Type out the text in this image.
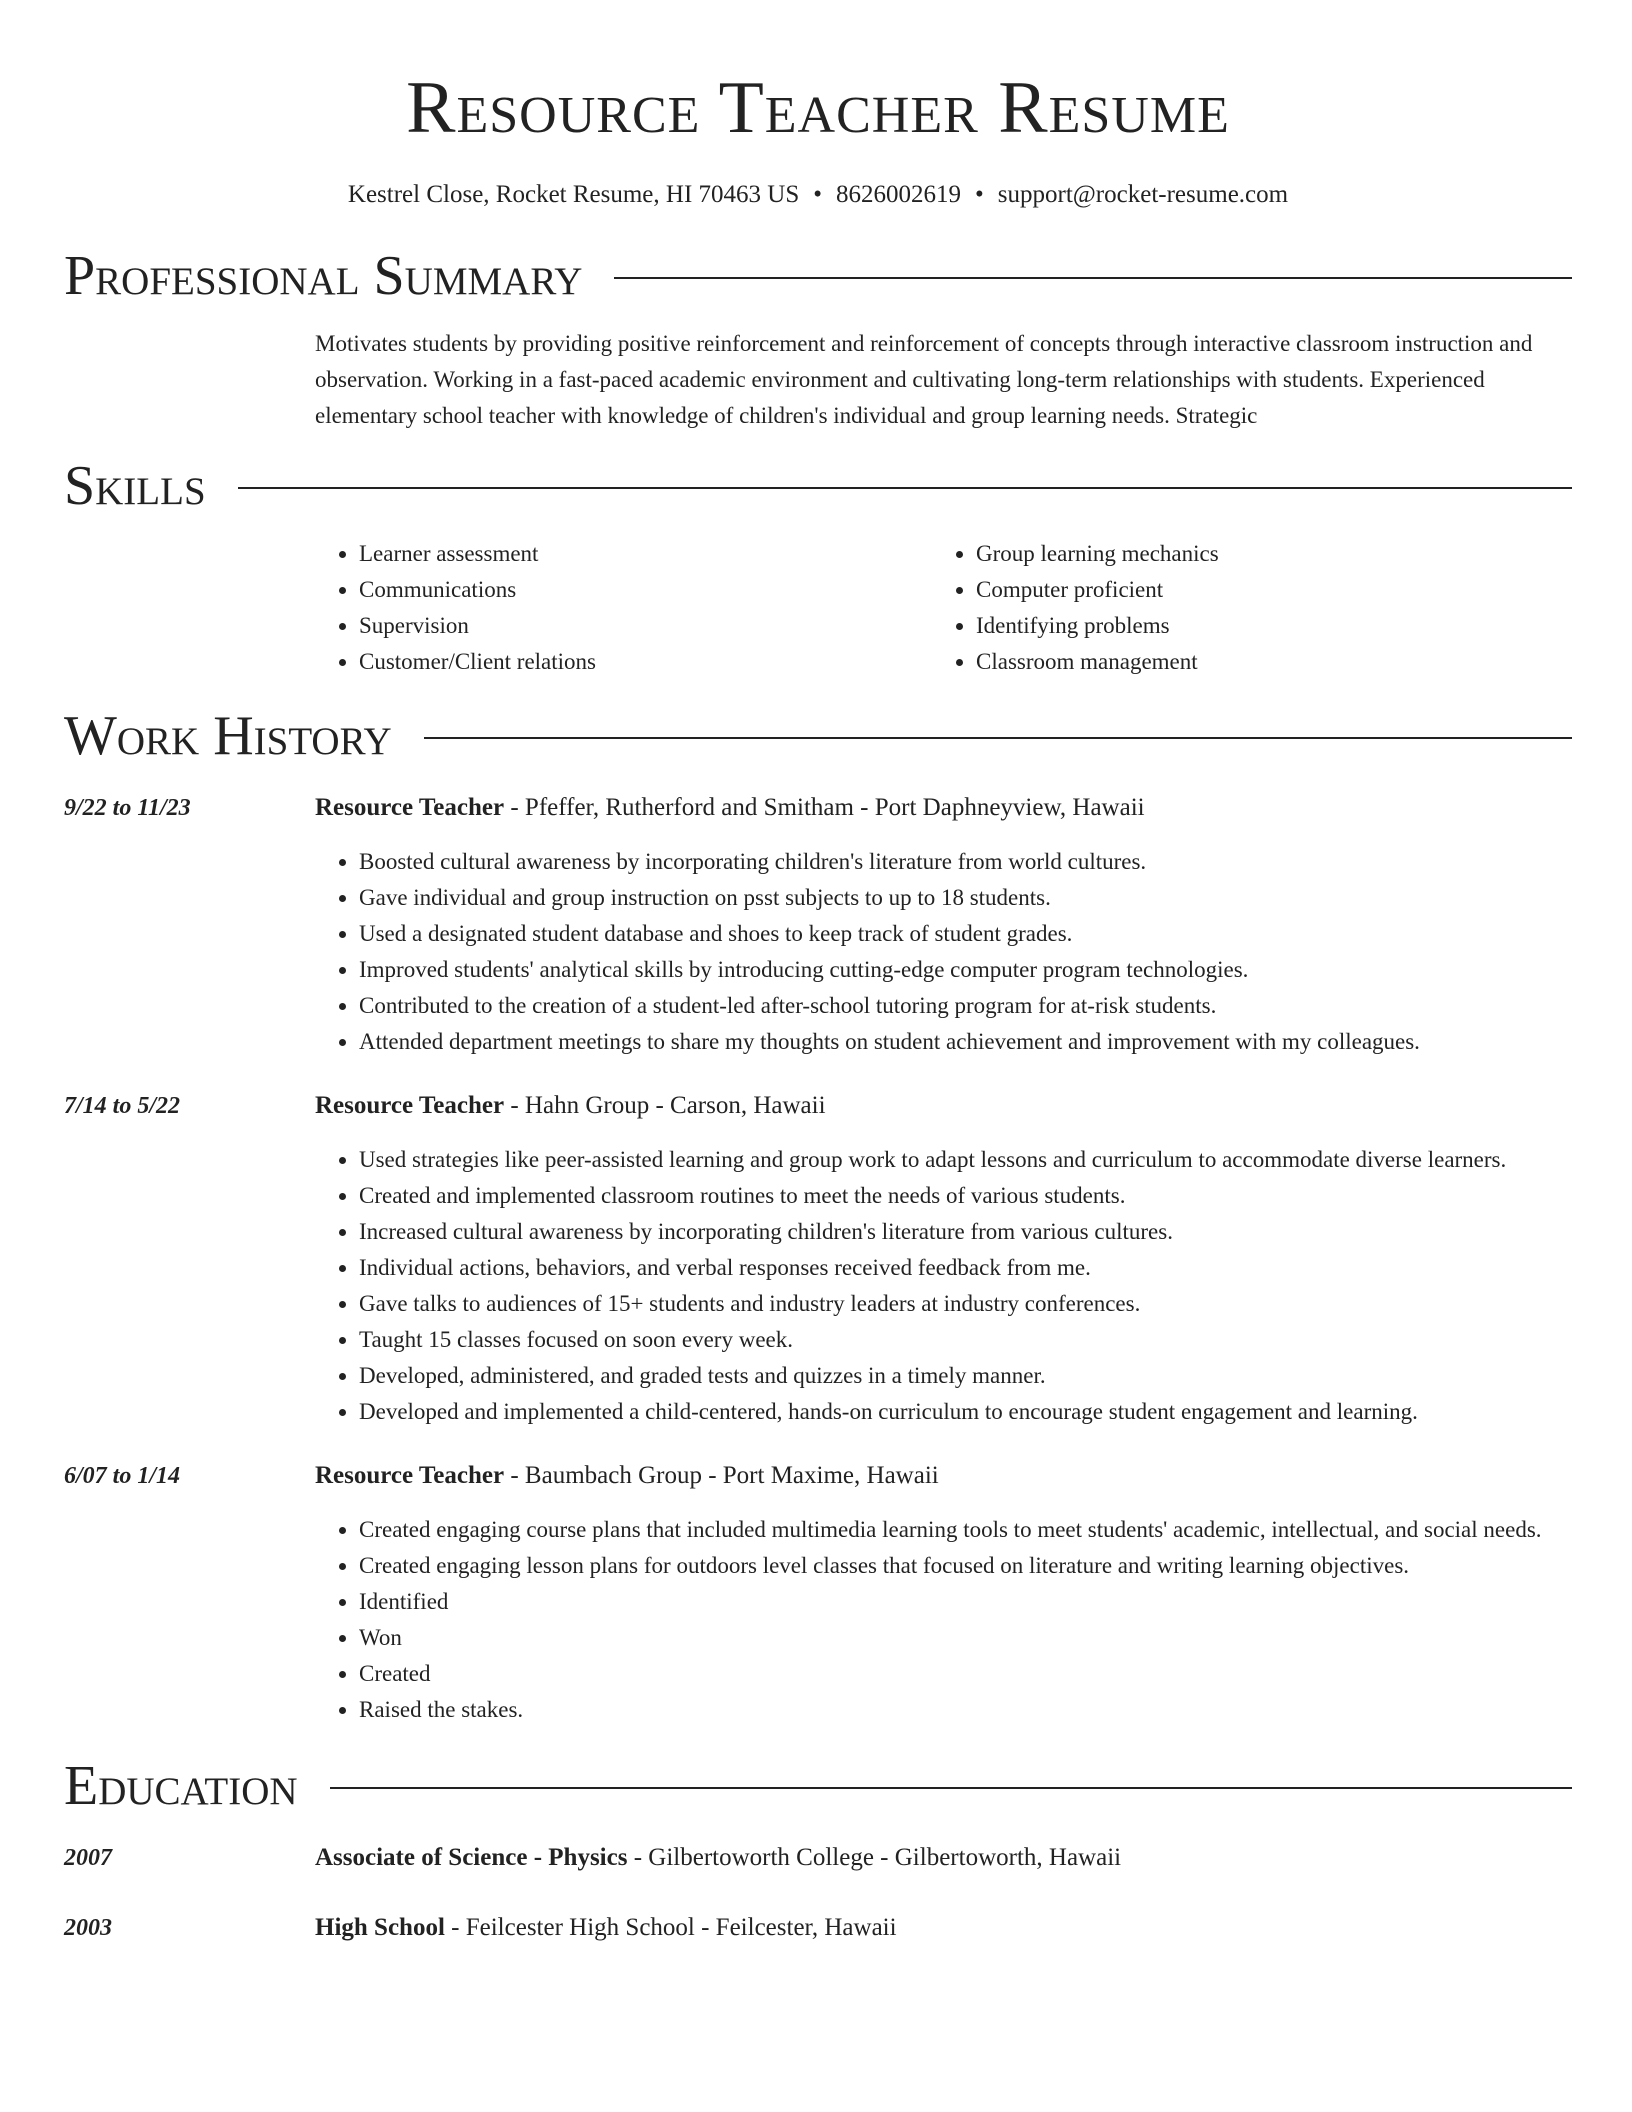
Resource Teacher Resume
Kestrel Close, Rocket Resume, HI 70463 US • 8626002619 • support@rocket-resume.com
Professional Summary
Motivates students by providing positive reinforcement and reinforcement of concepts through interactive classroom instruction and observation. Working in a fast-paced academic environment and cultivating long-term relationships with students. Experienced elementary school teacher with knowledge of children's individual and group learning needs. Strategic
Skills
• Learner assessment
• Communications
• Supervision
• Customer/Client relations
• Group learning mechanics
• Computer proficient
• Identifying problems
• Classroom management
Work History
9/22 to 11/23	Resource Teacher - Pfeffer, Rutherford and Smitham - Port Daphneyview, Hawaii
• Boosted cultural awareness by incorporating children's literature from world cultures.
• Gave individual and group instruction on psst subjects to up to 18 students.
• Used a designated student database and shoes to keep track of student grades.
• Improved students' analytical skills by introducing cutting-edge computer program technologies.
• Contributed to the creation of a student-led after-school tutoring program for at-risk students.
• Attended department meetings to share my thoughts on student achievement and improvement with my colleagues.
7/14 to 5/22	Resource Teacher - Hahn Group - Carson, Hawaii
• Used strategies like peer-assisted learning and group work to adapt lessons and curriculum to accommodate diverse learners.
• Created and implemented classroom routines to meet the needs of various students.
• Increased cultural awareness by incorporating children's literature from various cultures.
• Individual actions, behaviors, and verbal responses received feedback from me.
• Gave talks to audiences of 15+ students and industry leaders at industry conferences.
• Taught 15 classes focused on soon every week.
• Developed, administered, and graded tests and quizzes in a timely manner.
• Developed and implemented a child-centered, hands-on curriculum to encourage student engagement and learning.
6/07 to 1/14	Resource Teacher - Baumbach Group - Port Maxime, Hawaii
• Created engaging course plans that included multimedia learning tools to meet students' academic, intellectual, and social needs.
• Created engaging lesson plans for outdoors level classes that focused on literature and writing learning objectives.
• Identified
• Won
• Created
• Raised the stakes.
Education
2007	Associate of Science - Physics - Gilbertoworth College - Gilbertoworth, Hawaii
2003	High School - Feilcester High School - Feilcester, Hawaii
